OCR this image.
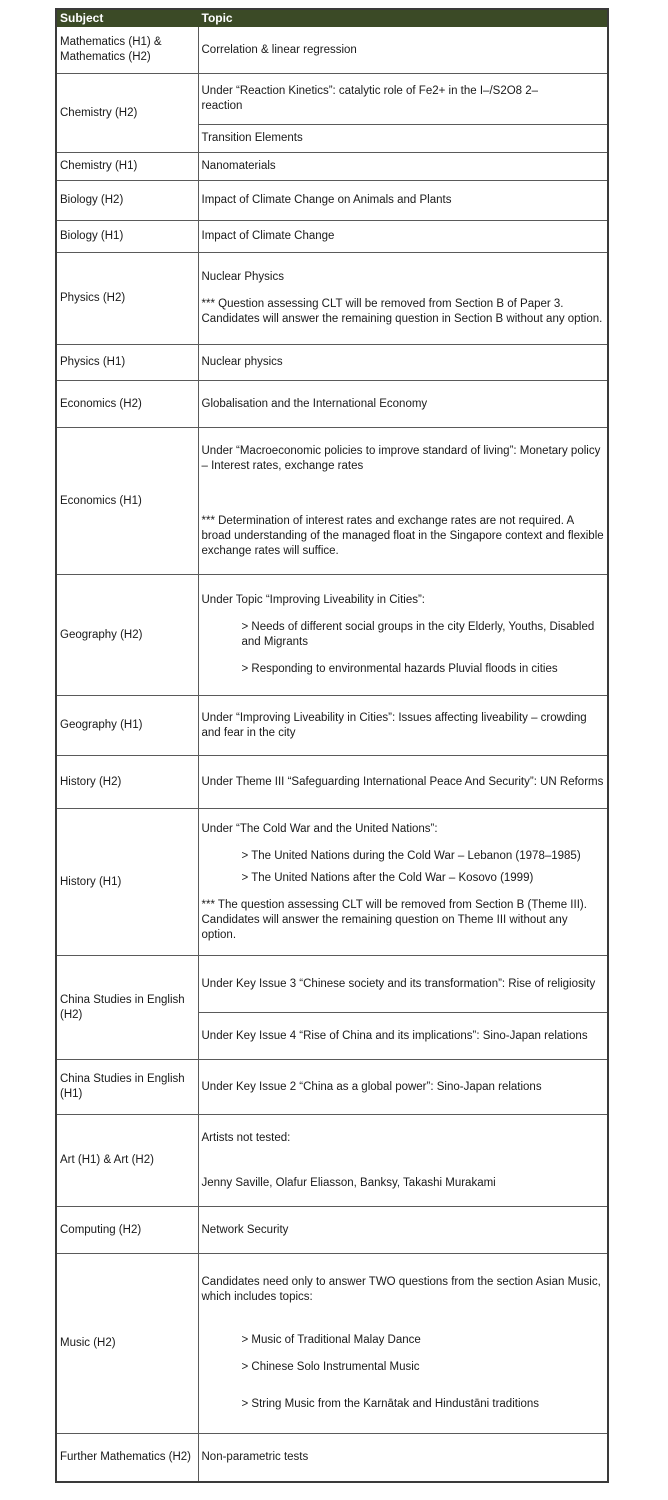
Subject	Topic
Mathematics (H1) &
Mathematics (H2)	Correlation & linear regression
Chemistry (H2)	Under “Reaction Kinetics”: catalytic role of Fe2+ in the I–/S2O8 2–
reaction
	Transition Elements
Chemistry (H1)	Nanomaterials
Biology (H2)	Impact of Climate Change on Animals and Plants
Biology (H1)	Impact of Climate Change
Physics (H2)	Nuclear Physics
*** Question assessing CLT will be removed from Section B of Paper 3. Candidates will answer the remaining question in Section B without any option.

Physics (H1)	Nuclear physics
Economics (H2)	Globalisation and the International Economy
Economics (H1)	Under “Macroeconomic policies to improve standard of living”: Monetary policy – Interest rates, exchange rates
*** Determination of interest rates and exchange rates are not required. A broad understanding of the managed float in the Singapore context and flexible exchange rates will suffice.

Geography (H2)	Under Topic “Improving Liveability in Cities”:
> Needs of different social groups in the city Elderly, Youths, Disabled and Migrants
> Responding to environmental hazards Pluvial floods in cities

Geography (H1)	Under “Improving Liveability in Cities”: Issues affecting liveability – crowding and fear in the city
History (H2)	Under Theme III “Safeguarding International Peace And Security”: UN Reforms
History (H1)	Under “The Cold War and the United Nations”:
> The United Nations during the Cold War – Lebanon (1978–1985)
> The United Nations after the Cold War – Kosovo (1999)
*** The question assessing CLT will be removed from Section B (Theme III). Candidates will answer the remaining question on Theme III without any option.

China Studies in English (H2)	Under Key Issue 3 “Chinese society and its transformation”: Rise of religiosity
	Under Key Issue 4 “Rise of China and its implications”: Sino-Japan relations
China Studies in English (H1)	Under Key Issue 2 “China as a global power”: Sino-Japan relations
Art (H1) & Art (H2)	Artists not tested:
Jenny Saville, Olafur Eliasson, Banksy, Takashi Murakami

Computing (H2)	Network Security
Music (H2)	Candidates need only to answer TWO questions from the section Asian Music, which includes topics:
> Music of Traditional Malay Dance
> Chinese Solo Instrumental Music
> String Music from the Karnātak and Hindustāni traditions

Further Mathematics (H2)	Non-parametric tests
